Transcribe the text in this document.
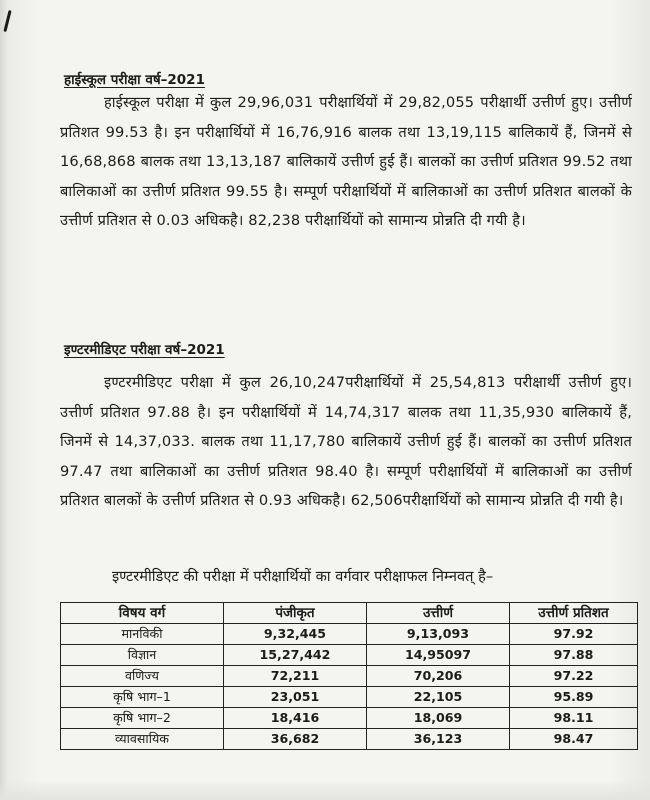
हाईस्कूल परीक्षा वर्ष–2021
हाईस्कूल परीक्षा में कुल 29,96,031 परीक्षार्थियों में 29,82,055 परीक्षार्थी उत्तीर्ण हुए। उत्तीर्ण प्रतिशत 99.53 है। इन परीक्षार्थियों में 16,76,916 बालक तथा 13,19,115 बालिकायें हैं, जिनमें से 16,68,868 बालक तथा 13,13,187 बालिकायें उत्तीर्ण हुई हैं। बालकों का उत्तीर्ण प्रतिशत 99.52 तथा बालिकाओं का उत्तीर्ण प्रतिशत 99.55 है। सम्पूर्ण परीक्षार्थियों में बालिकाओं का उत्तीर्ण प्रतिशत बालकों के उत्तीर्ण प्रतिशत से 0.03 अधिकहै। 82,238 परीक्षार्थियों को सामान्य प्रोन्नति दी गयी है।
इण्टरमीडिएट परीक्षा वर्ष–2021
इण्टरमीडिएट परीक्षा में कुल 26,10,247परीक्षार्थियों में 25,54,813 परीक्षार्थी उत्तीर्ण हुए। उत्तीर्ण प्रतिशत 97.88 है। इन परीक्षार्थियों में 14,74,317 बालक तथा 11,35,930 बालिकायें हैं, जिनमें से 14,37,033. बालक तथा 11,17,780 बालिकायें उत्तीर्ण हुई हैं। बालकों का उत्तीर्ण प्रतिशत 97.47 तथा बालिकाओं का उत्तीर्ण प्रतिशत 98.40 है। सम्पूर्ण परीक्षार्थियों में बालिकाओं का उत्तीर्ण प्रतिशत बालकों के उत्तीर्ण प्रतिशत से 0.93 अधिकहै। 62,506परीक्षार्थियों को सामान्य प्रोन्नति दी गयी है।
इण्टरमीडिएट की परीक्षा में परीक्षार्थियों का वर्गवार परीक्षाफल निम्नवत् है–
विषय वर्ग	पंजीकृत	उत्तीर्ण	उत्तीर्ण प्रतिशत
मानविकी	9,32,445	9,13,093	97.92
विज्ञान	15,27,442	14,95097	97.88
वणिज्य	72,211	70,206	97.22
कृषि भाग–1	23,051	22,105	95.89
कृषि भाग–2	18,416	18,069	98.11
व्यावसायिक	36,682	36,123	98.47
